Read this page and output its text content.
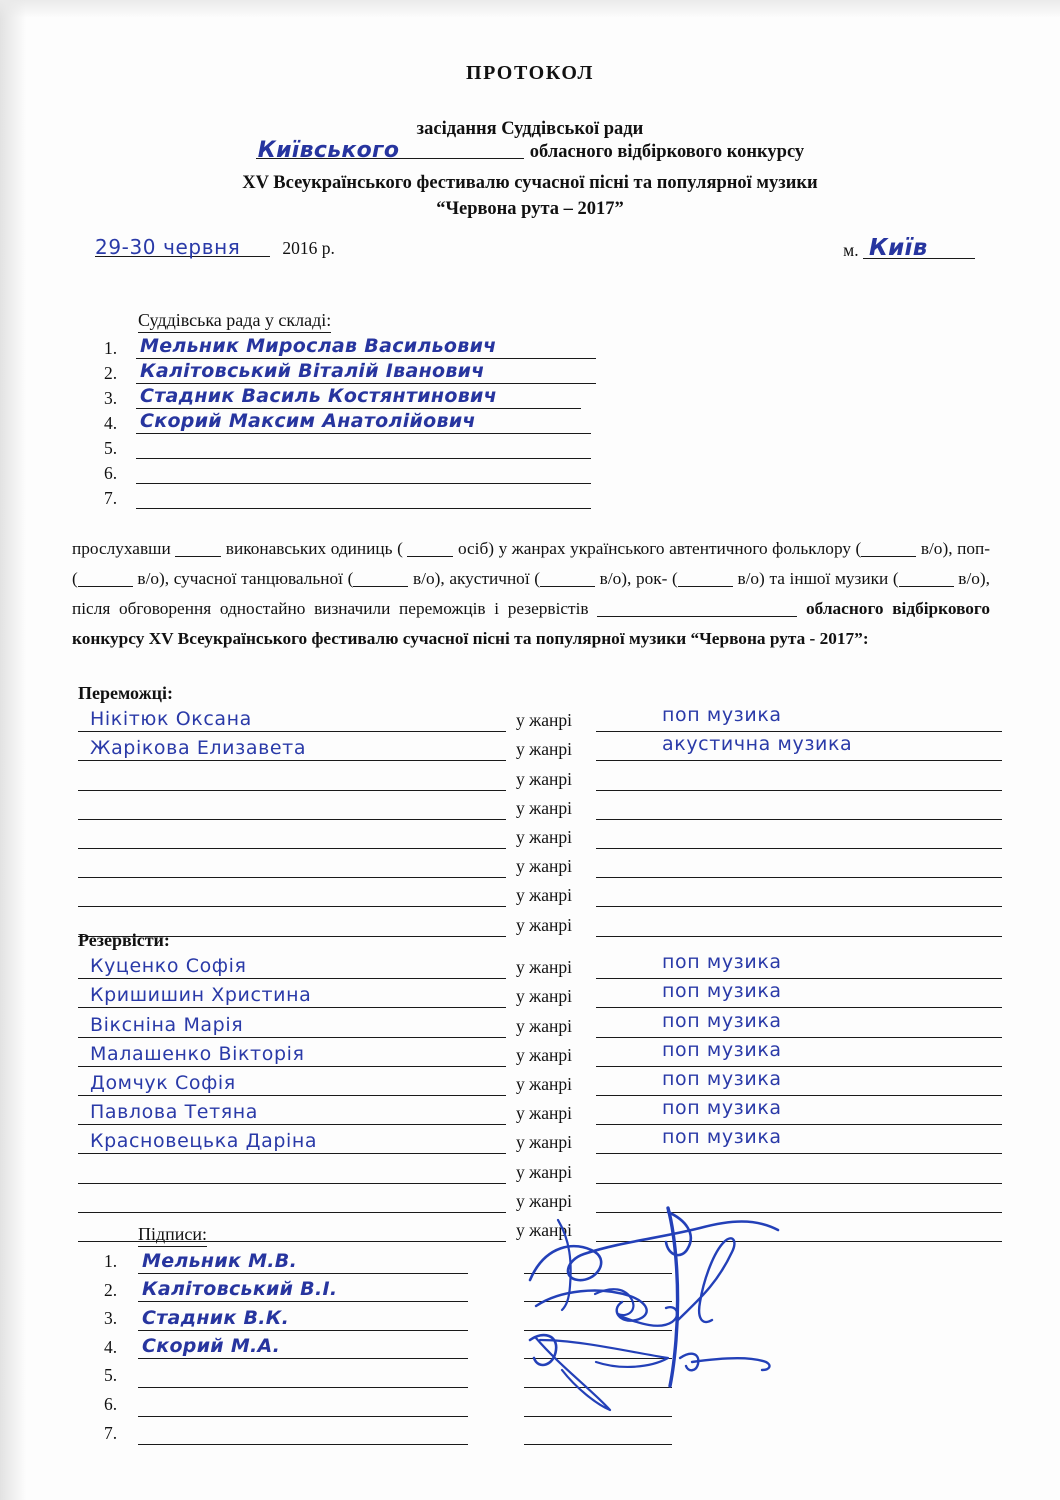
ПРОТОКОЛ
засідання Суддівської ради
Київського	обласного відбіркового конкурсу
XV Всеукраїнського фестивалю сучасної пісні та популярної музики
“Червона рута – 2017”
29-30 червня 2016 р.	м. Київ
Суддівська рада у складі:
1. Мельник Мирослав Васильович
2. Калітовський Віталій Іванович
3. Стадник Василь Костянтинович
4. Скорий Максим Анатолійович
5.
6.
7.
прослухавши	виконавських одиниць (	осіб) у жанрах українського автентичного фольклору (	в/о), поп- (	в/о), сучасної танцювальної (	в/о), акустичної (	в/о), рок- (	в/о) та іншої музики (	в/о), після обговорення одностайно визначили переможців і резервістів	обласного відбіркового конкурсу XV Всеукраїнського фестивалю сучасної пісні та популярної музики “Червона рута - 2017”:
Переможці:
Нікітюк Оксана	у жанрі	поп музика
Жарікова Елизавета	у жанрі	акустична музика
у жанрі
у жанрі
у жанрі
у жанрі
у жанрі
у жанрі
Резервісти:
Куценко Софія	у жанрі	поп музика
Кришишин Христина	у жанрі	поп музика
Вікснiна Марія	у жанрі	поп музика
Малашенко Вікторія	у жанрі	поп музика
Домчук Софія	у жанрі	поп музика
Павлова Тетяна	у жанрі	поп музика
Красновецька Даріна	у жанрі	поп музика
у жанрі
у жанрі
у жанрі
Підписи:
1. Мельник М.В.
2. Калітовський В.І.
3. Стадник В.К.
4. Скорий М.А.
5.
6.
7.
